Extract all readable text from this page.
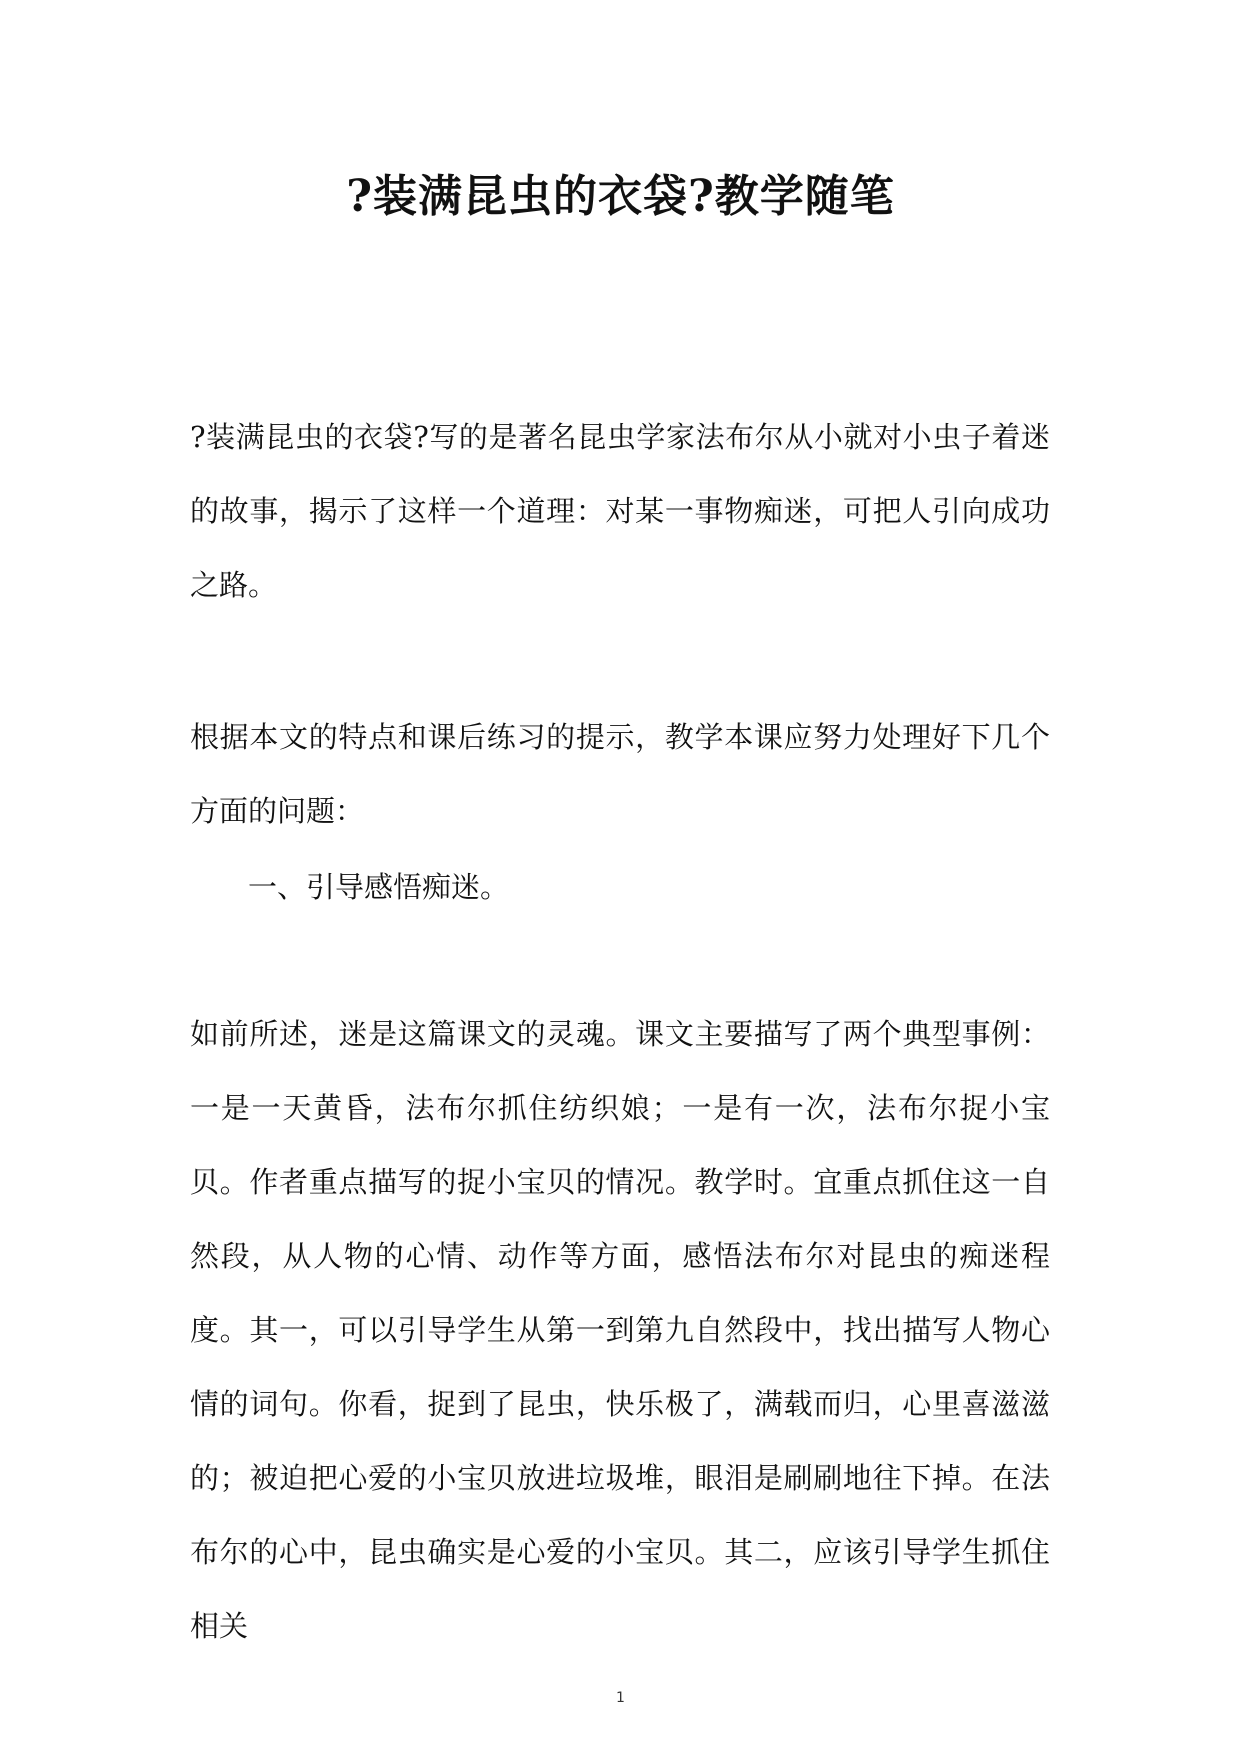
?装满昆虫的衣袋?教学随笔
?装满昆虫的衣袋?写的是著名昆虫学家法布尔从小就对小虫子着迷的故事，揭示了这样一个道理：对某一事物痴迷，可把人引向成功之路。
根据本文的特点和课后练习的提示，教学本课应努力处理好下几个方面的问题：
一、引导感悟痴迷。
如前所述，迷是这篇课文的灵魂。课文主要描写了两个典型事例：一是一天黄昏，法布尔抓住纺织娘；一是有一次，法布尔捉小宝贝。作者重点描写的捉小宝贝的情况。教学时。宜重点抓住这一自然段，从人物的心情、动作等方面，感悟法布尔对昆虫的痴迷程度。其一，可以引导学生从第一到第九自然段中，找出描写人物心情的词句。你看，捉到了昆虫，快乐极了，满载而归，心里喜滋滋的；被迫把心爱的小宝贝放进垃圾堆，眼泪是刷刷地往下掉。在法布尔的心中，昆虫确实是心爱的小宝贝。其二，应该引导学生抓住相关
1
